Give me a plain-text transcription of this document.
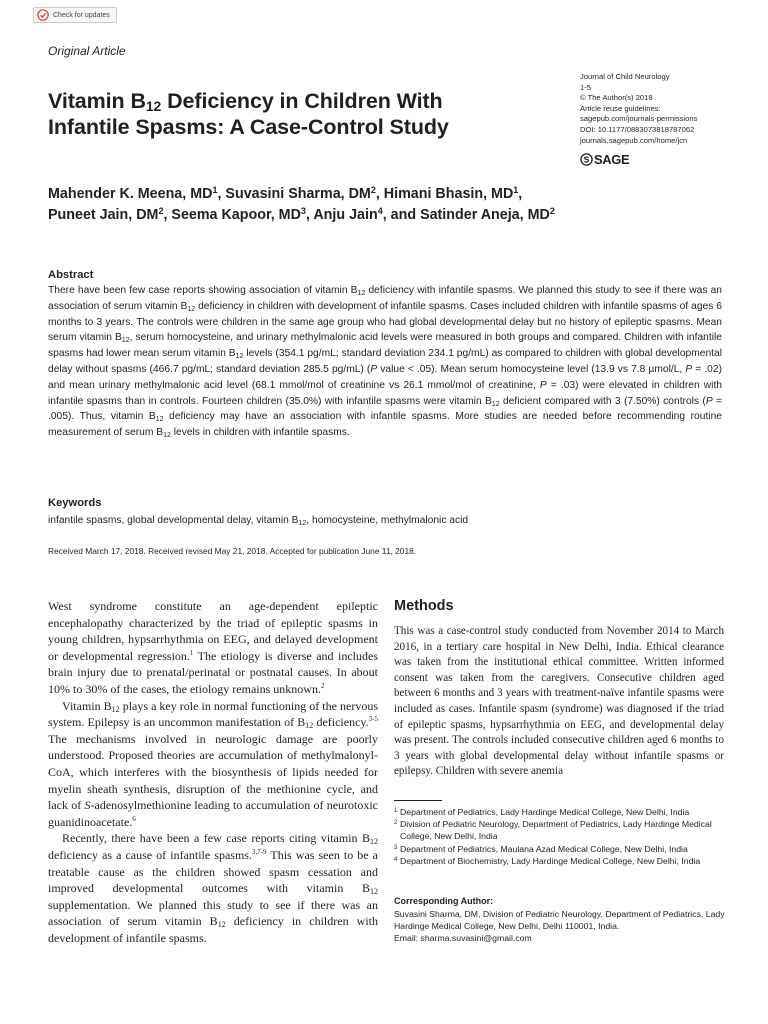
Check for updates
Original Article
Vitamin $B_{12}$ Deficiency in Children With
Infantile Spasms: A Case-Control Study
Journal of Child Neurology
1-5
© The Author(s) 2018
Article reuse guidelines:
sagepub.com/journals-permissions
DOI: 10.1177/0883073818787062
journals.sagepub.com/home/jcn
SAGE
Mahender K. Meena, $MD^1$, Suvasini Sharma, $DM^2$, Himani Bhasin, $MD^1$,
Puneet Jain, $DM^2$, Seema Kapoor, $MD^3$, Anju Jain$^4$, and Satinder Aneja, $MD^2$
Abstract
There have been few case reports showing association of vitamin $B_{12}$ deficiency with infantile spasms. We planned this study to see if there was an association of serum vitamin $B_{12}$ deficiency in children with development of infantile spasms. Cases included children with infantile spasms of ages 6 months to 3 years. The controls were children in the same age group who had global developmental delay but no history of epileptic spasms. Mean serum vitamin $B_{12}$, serum homocysteine, and urinary methylmalonic acid levels were measured in both groups and compared. Children with infantile spasms had lower mean serum vitamin $B_{12}$ levels (354.1 pg/mL; standard deviation 234.1 pg/mL) as compared to children with global developmental delay without spasms (466.7 pg/mL; standard deviation 285.5 pg/mL) (P value < .05). Mean serum homocysteine level (13.9 vs 7.8 µmol/L, P = .02) and mean urinary methylmalonic acid level (68.1 mmol/mol of creatinine vs 26.1 mmol/mol of creatinine, P = .03) were elevated in children with infantile spasms than in controls. Fourteen children (35.0%) with infantile spasms were vitamin $B_{12}$ deficient compared with 3 (7.50%) controls (P = .005). Thus, vitamin $B_{12}$ deficiency may have an association with infantile spasms. More studies are needed before recommending routine measurement of serum $B_{12}$ levels in children with infantile spasms.
Keywords
infantile spasms, global developmental delay, vitamin $B_{12}$, homocysteine, methylmalonic acid
Received March 17, 2018. Received revised May 21, 2018. Accepted for publication June 11, 2018.

West syndrome constitute an age-dependent epileptic encephalopathy characterized by the triad of epileptic spasms in young children, hypsarrhythmia on EEG, and delayed development or developmental regression.$^1$ The etiology is diverse and includes brain injury due to prenatal/perinatal or postnatal causes. In about 10% to 30% of the cases, the etiology remains unknown.$^2$

Vitamin $B_{12}$ plays a key role in normal functioning of the nervous system. Epilepsy is an uncommon manifestation of $B_{12}$ deficiency.$^{3-5}$ The mechanisms involved in neurologic damage are poorly understood. Proposed theories are accumulation of methylmalonyl-CoA, which interferes with the biosynthesis of lipids needed for myelin sheath synthesis, disruption of the methionine cycle, and lack of S-adenosylmethionine leading to accumulation of neurotoxic guanidinoacetate.$^6$

Recently, there have been a few case reports citing vitamin $B_{12}$ deficiency as a cause of infantile spasms.$^{3,7-9}$ This was seen to be a treatable cause as the children showed spasm cessation and improved developmental outcomes with vitamin $B_{12}$ supplementation. We planned this study to see if there was an association of serum vitamin $B_{12}$ deficiency in children with development of infantile spasms.

Methods

This was a case-control study conducted from November 2014 to March 2016, in a tertiary care hospital in New Delhi, India. Ethical clearance was taken from the institutional ethical committee. Written informed consent was taken from the caregivers. Consecutive children aged between 6 months and 3 years with treatment-naïve infantile spasms were included as cases. Infantile spasm (syndrome) was diagnosed if the triad of epileptic spasms, hypsarrhythmia on EEG, and developmental delay was present. The controls included consecutive children aged 6 months to 3 years with global developmental delay without infantile spasms or epilepsy. Children with severe anemia

1 Department of Pediatrics, Lady Hardinge Medical College, New Delhi, India
2 Division of Pediatric Neurology, Department of Pediatrics, Lady Hardinge Medical College, New Delhi, India
3 Department of Pediatrics, Maulana Azad Medical College, New Delhi, India
4 Department of Biochemistry, Lady Hardinge Medical College, New Delhi, India
Corresponding Author:
Suvasini Sharma, DM, Division of Pediatric Neurology, Department of Pediatrics, Lady Hardinge Medical College, New Delhi, Delhi 110001, India.
Email: sharma.suvasini@gmail.com
